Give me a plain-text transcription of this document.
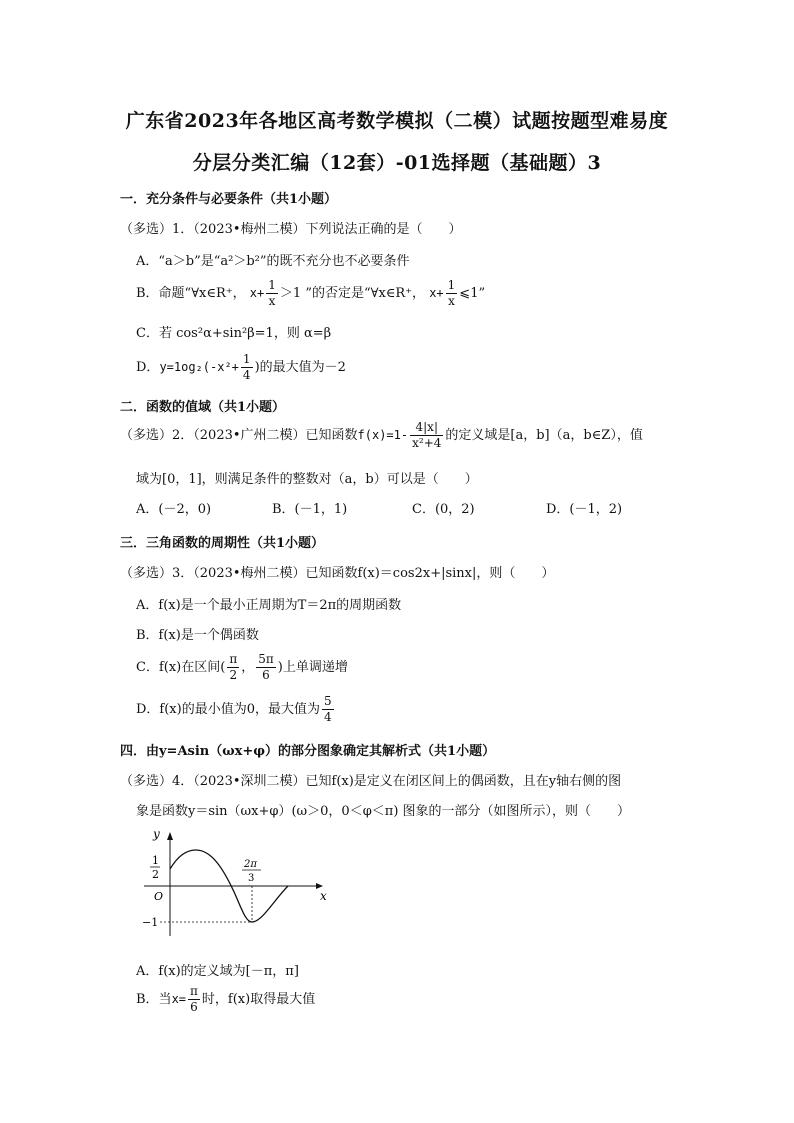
广东省2023年各地区高考数学模拟（二模）试题按题型难易度
分层分类汇编（12套）-01选择题（基础题）3
一．充分条件与必要条件（共1小题）
（多选）1．（2023•梅州二模）下列说法正确的是（　　）
A．“a＞b”是“a²＞b²”的既不充分也不必要条件
B．命题“∀x∈R⁺， $x+ \frac{1}{x} >1$ ”的否定是“∀x∈R⁺， $x+ \frac{1}{x}$ ⩽1”
C．若 cos²α+sin²β=1，则 α=β
D．$y=1og_2(-x^2+ \frac{1}{4}$ )的最大值为－2
二．函数的值域（共1小题）
（多选）2．（2023•广州二模）已知函数$f(x)=1- \frac{4|x|}{\text{x²+4}}$ 的定义域是[a，b]（a，b∈Z），值
域为[0，1]，则满足条件的整数对（a，b）可以是（　　）
A．(－2，0)	B．(－1，1)	C．(0，2)	D．(－1，2)
三．三角函数的周期性（共1小题）
（多选）3．（2023•梅州二模）已知函数f(x)＝cos2x+|sinx|，则（　　）
A．f(x)是一个最小正周期为T＝2π的周期函数
B．f(x)是一个偶函数
C．f(x)在区间( $\frac{\pi}{2}$ ， $\frac{5\pi}{6}$ )上单调递增
D．f(x)的最小值为0，最大值为 $\frac{5}{4}$
四．由y=Asin（ωx+φ）的部分图象确定其解析式（共1小题）
（多选）4．（2023•深圳二模）已知f(x)是定义在闭区间上的偶函数，且在y轴右侧的图
象是函数y＝sin（ωx+φ）(ω＞0，0＜φ＜π) 图象的一部分（如图所示），则（　　）
y
x
O
1
2
−1
2π
3
A．f(x)的定义域为[－π，π]
B．当$x= \frac{\pi}{6}$ 时，f(x)取得最大值
